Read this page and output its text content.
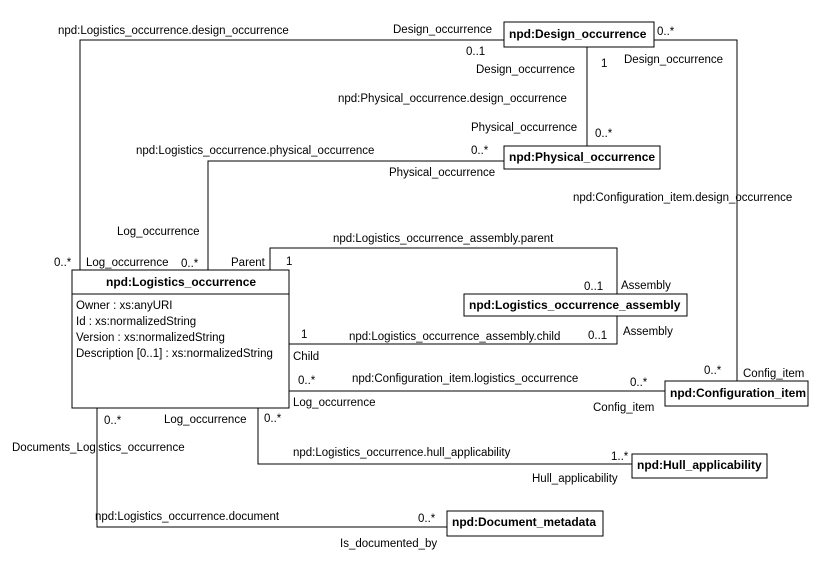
npd:Design_occurrence
npd:Physical_occurrence
npd:Logistics_occurrence
Owner : xs:anyURI
Id : xs:normalizedString
Version : xs:normalizedString
Description [0..1] : xs:normalizedString
npd:Logistics_occurrence_assembly
npd:Configuration_item
npd:Hull_applicability
npd:Document_metadata
npd:Logistics_occurrence.design_occurrence	Design_occurrence
0..1
0..*
Design_occurrence 1
npd:Physical_occurrence.design_occurrence
Physical_occurrence 0..*
0..*
Design_occurrence
npd:Configuration_item.design_occurrence
0..* Config_item
npd:Logistics_occurrence.physical_occurrence	0..*
Physical_occurrence
Log_occurrence
Log_occurrence 0..*
npd:Logistics_occurrence_assembly.parent
Parent 1
0..1 Assembly
Assembly
1	npd:Logistics_occurrence_assembly.child 0..1
Child
0..*	npd:Configuration_item.logistics_occurrence	0..*
Log_occurrence	Config_item
Log_occurrence 0..*
npd:Logistics_occurrence.hull_applicability	1..*
Hull_applicability
0..*
Documents_Logistics_occurrence
npd:Logistics_occurrence.document	0..*
Is_documented_by
